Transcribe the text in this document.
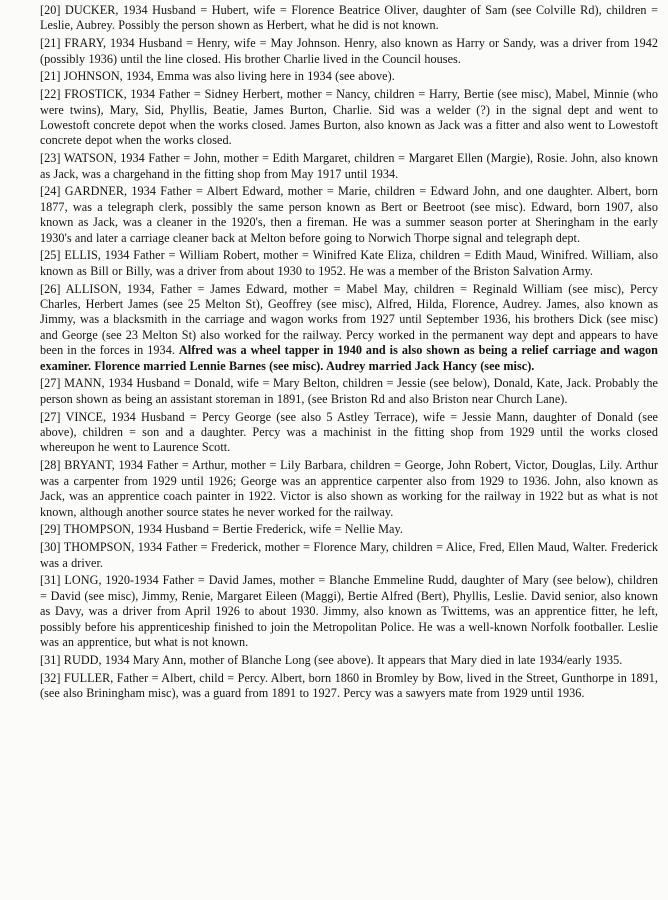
[20] DUCKER, 1934 Husband = Hubert, wife = Florence Beatrice Oliver, daughter of Sam (see Colville Rd), children = Leslie, Aubrey. Possibly the person shown as Herbert, what he did is not known.

[21] FRARY, 1934 Husband = Henry, wife = May Johnson. Henry, also known as Harry or Sandy, was a driver from 1942 (possibly 1936) until the line closed. His brother Charlie lived in the Council houses.

[21] JOHNSON, 1934, Emma was also living here in 1934 (see above).

[22] FROSTICK, 1934 Father = Sidney Herbert, mother = Nancy, children = Harry, Bertie (see misc), Mabel, Minnie (who were twins), Mary, Sid, Phyllis, Beatie, James Burton, Charlie. Sid was a welder (?) in the signal dept and went to Lowestoft concrete depot when the works closed. James Burton, also known as Jack was a fitter and also went to Lowestoft concrete depot when the works closed.

[23] WATSON, 1934 Father = John, mother = Edith Margaret, children = Margaret Ellen (Margie), Rosie. John, also known as Jack, was a chargehand in the fitting shop from May 1917 until 1934.

[24] GARDNER, 1934 Father = Albert Edward, mother = Marie, children = Edward John, and one daughter. Albert, born 1877, was a telegraph clerk, possibly the same person known as Bert or Beetroot (see misc). Edward, born 1907, also known as Jack, was a cleaner in the 1920's, then a fireman. He was a summer season porter at Sheringham in the early 1930's and later a carriage cleaner back at Melton before going to Norwich Thorpe signal and telegraph dept.

[25] ELLIS, 1934 Father = William Robert, mother = Winifred Kate Eliza, children = Edith Maud, Winifred. William, also known as Bill or Billy, was a driver from about 1930 to 1952. He was a member of the Briston Salvation Army.

[26] ALLISON, 1934, Father = James Edward, mother = Mabel May, children = Reginald William (see misc), Percy Charles, Herbert James (see 25 Melton St), Geoffrey (see misc), Alfred, Hilda, Florence, Audrey. James, also known as Jimmy, was a blacksmith in the carriage and wagon works from 1927 until September 1936, his brothers Dick (see misc) and George (see 23 Melton St) also worked for the railway. Percy worked in the permanent way dept and appears to have been in the forces in 1934. Alfred was a wheel tapper in 1940 and is also shown as being a relief carriage and wagon examiner. Florence married Lennie Barnes (see misc). Audrey married Jack Hancy (see misc).

[27] MANN, 1934 Husband = Donald, wife = Mary Belton, children = Jessie (see below), Donald, Kate, Jack. Probably the person shown as being an assistant storeman in 1891, (see Briston Rd and also Briston near Church Lane).

[27] VINCE, 1934 Husband = Percy George (see also 5 Astley Terrace), wife = Jessie Mann, daughter of Donald (see above), children = son and a daughter. Percy was a machinist in the fitting shop from 1929 until the works closed whereupon he went to Laurence Scott.

[28] BRYANT, 1934 Father = Arthur, mother = Lily Barbara, children = George, John Robert, Victor, Douglas, Lily. Arthur was a carpenter from 1929 until 1926; George was an apprentice carpenter also from 1929 to 1936. John, also known as Jack, was an apprentice coach painter in 1922. Victor is also shown as working for the railway in 1922 but as what is not known, although another source states he never worked for the railway.

[29] THOMPSON, 1934 Husband = Bertie Frederick, wife = Nellie May.

[30] THOMPSON, 1934 Father = Frederick, mother = Florence Mary, children = Alice, Fred, Ellen Maud, Walter. Frederick was a driver.

[31] LONG, 1920-1934 Father = David James, mother = Blanche Emmeline Rudd, daughter of Mary (see below), children = David (see misc), Jimmy, Renie, Margaret Eileen (Maggi), Bertie Alfred (Bert), Phyllis, Leslie. David senior, also known as Davy, was a driver from April 1926 to about 1930. Jimmy, also known as Twittems, was an apprentice fitter, he left, possibly before his apprenticeship finished to join the Metropolitan Police. He was a well-known Norfolk footballer. Leslie was an apprentice, but what is not known.

[31] RUDD, 1934 Mary Ann, mother of Blanche Long (see above). It appears that Mary died in late 1934/early 1935.

[32] FULLER, Father = Albert, child = Percy. Albert, born 1860 in Bromley by Bow, lived in the Street, Gunthorpe in 1891, (see also Briningham misc), was a guard from 1891 to 1927. Percy was a sawyers mate from 1929 until 1936.
